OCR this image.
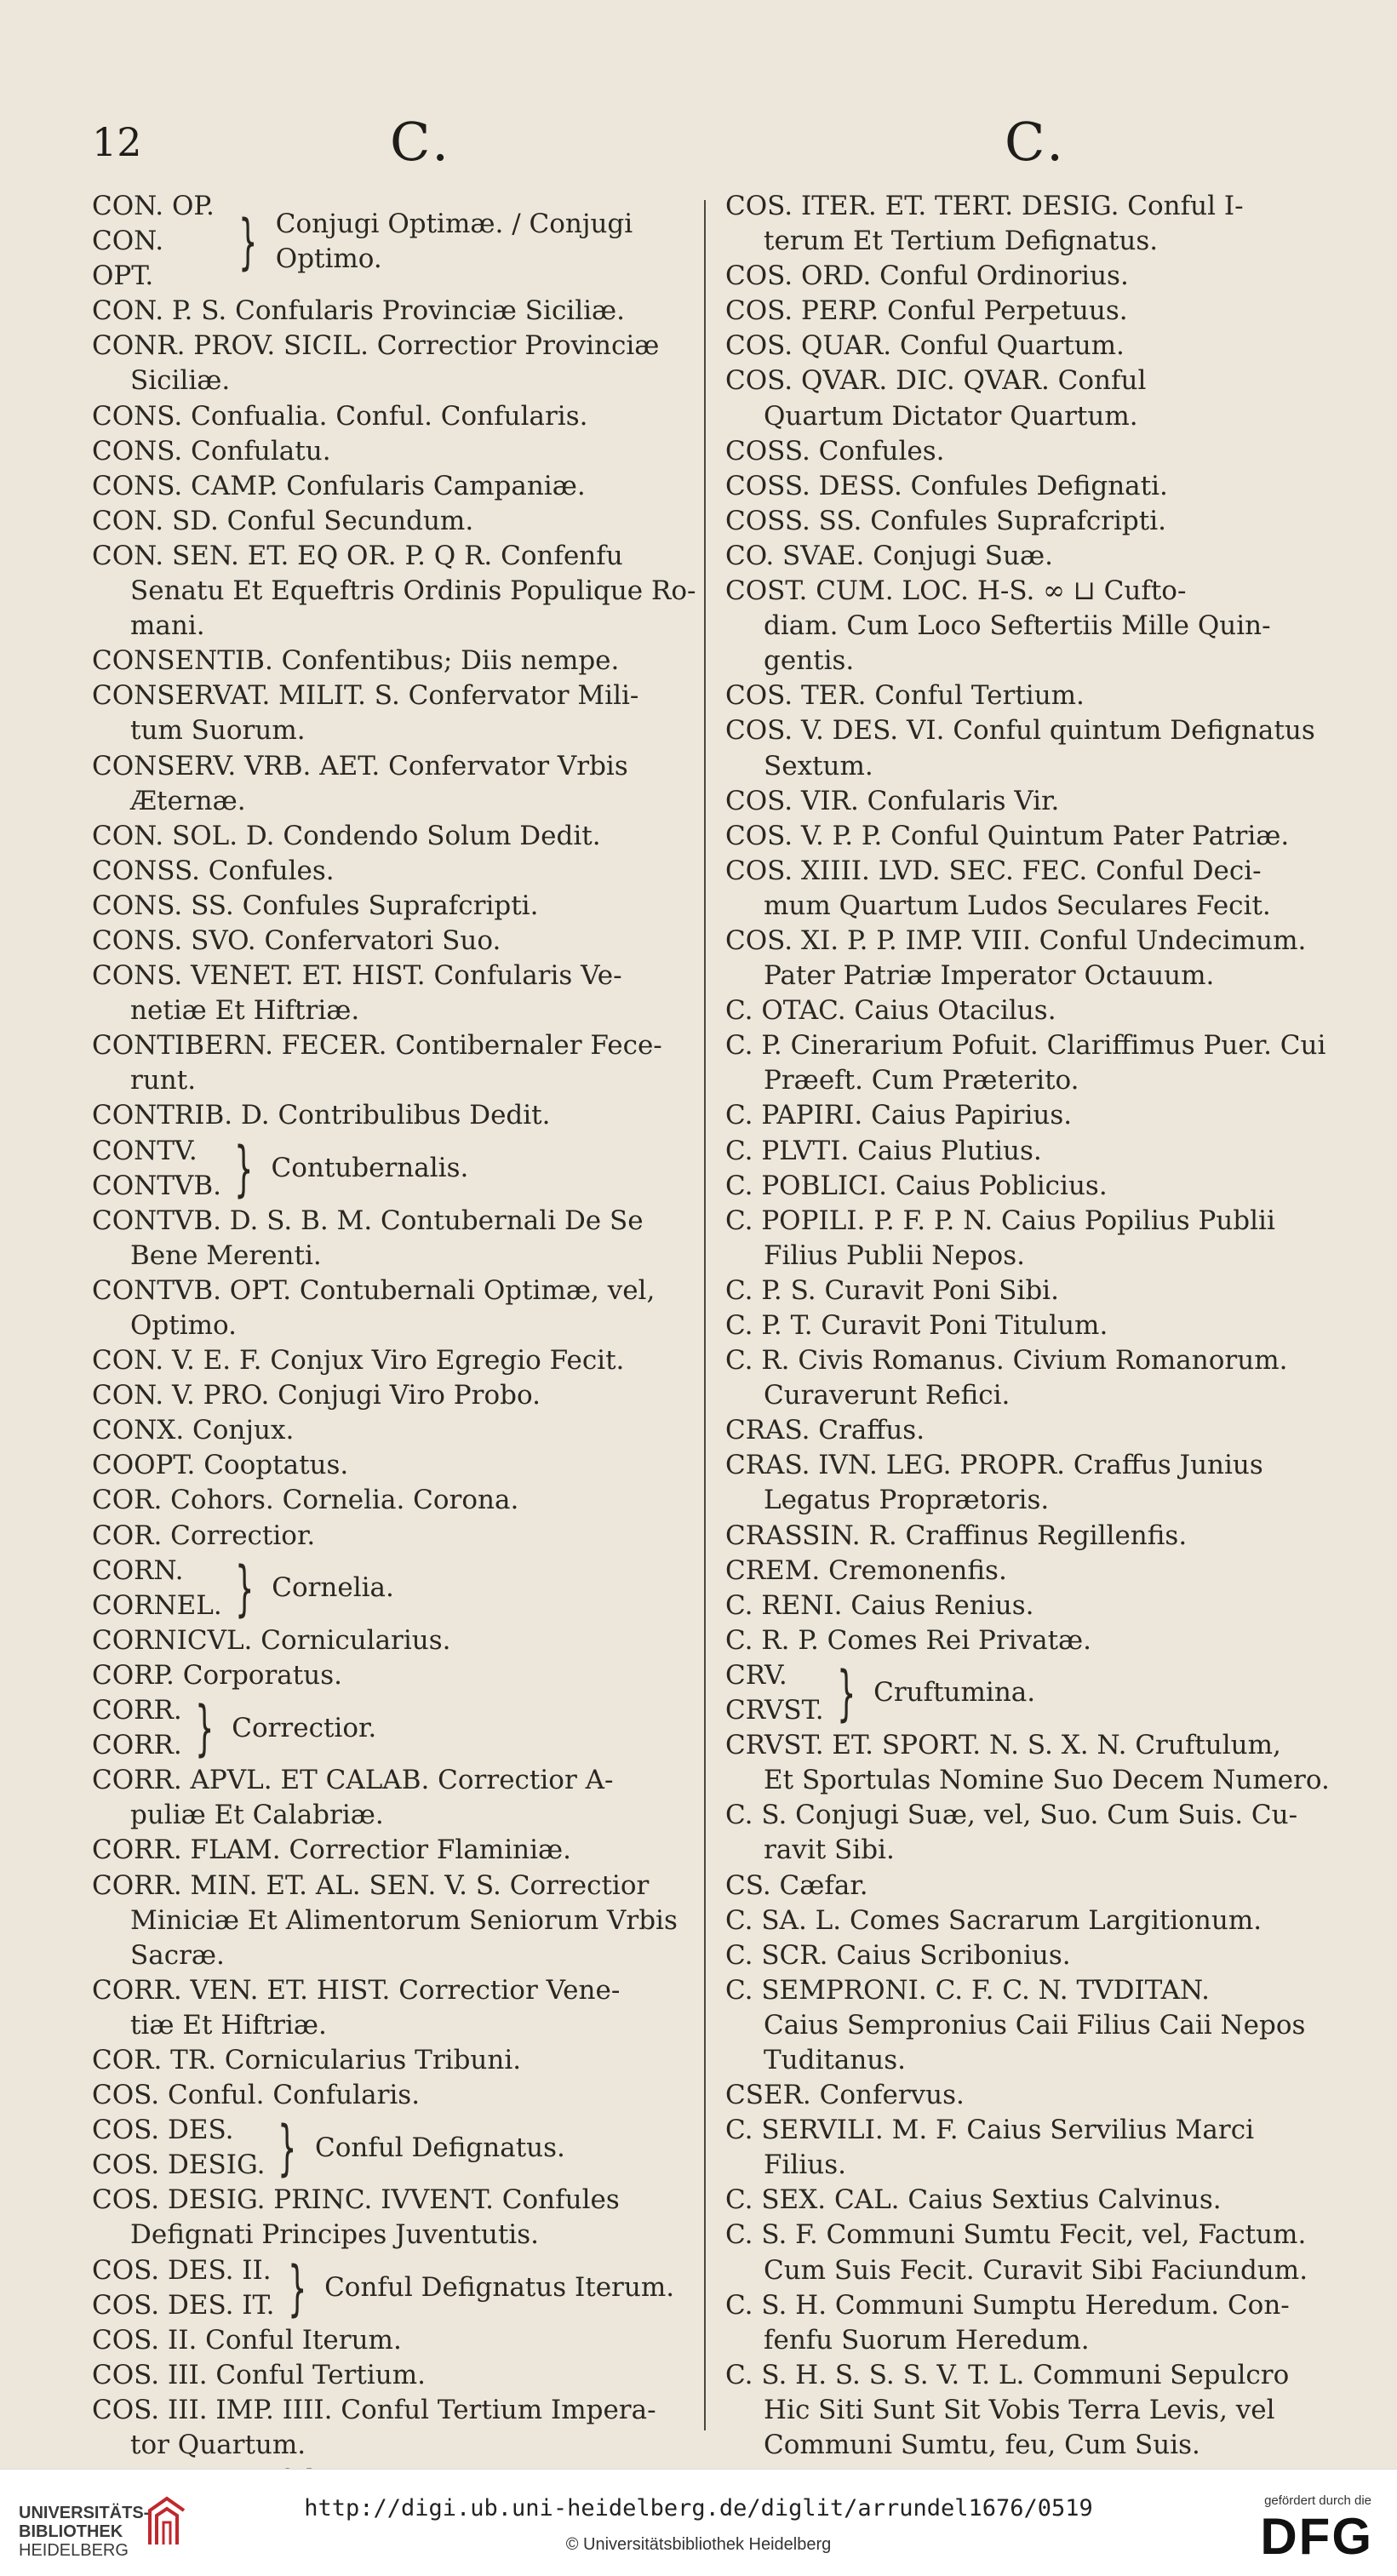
12	C.	C.
CON. OP.
CON. OPT.	} Conjugi Optimæ. / Conjugi Optimo.
CON. P. S. Confularis Provinciæ Siciliæ.
CONR. PROV. SICIL. Correctior Provinciæ
Siciliæ.
CONS. Confualia. Conful. Confularis.
CONS. Confulatu.
CONS. CAMP. Confularis Campaniæ.
CON. SD. Conful Secundum.
CON. SEN. ET. EQ OR. P. Q R. Confenfu
Senatu Et Equeftris Ordinis Populique Ro-
mani.
CONSENTIB. Confentibus; Diis nempe.
CONSERVAT. MILIT. S. Confervator Mili-
tum Suorum.
CONSERV. VRB. AET. Confervator Vrbis
Æternæ.
CON. SOL. D. Condendo Solum Dedit.
CONSS. Confules.
CONS. SS. Confules Suprafcripti.
CONS. SVO. Confervatori Suo.
CONS. VENET. ET. HIST. Confularis Ve-
netiæ Et Hiftriæ.
CONTIBERN. FECER. Contibernaler Fece-
runt.
CONTRIB. D. Contribulibus Dedit.
CONTV.
CONTVB. } Contubernalis.
CONTVB. D. S. B. M. Contubernali De Se
Bene Merenti.
CONTVB. OPT. Contubernali Optimæ, vel,
Optimo.
CON. V. E. F. Conjux Viro Egregio Fecit.
CON. V. PRO. Conjugi Viro Probo.
CONX. Conjux.
COOPT. Cooptatus.
COR. Cohors. Cornelia. Corona.
COR. Correctior.
CORN.
CORNEL. } Cornelia.
CORNICVL. Cornicularius.
CORP. Corporatus.
CORR.
CORR. } Correctior.
CORR. APVL. ET CALAB. Correctior A-
puliæ Et Calabriæ.
CORR. FLAM. Correctior Flaminiæ.
CORR. MIN. ET. AL. SEN. V. S. Correctior
Miniciæ Et Alimentorum Seniorum Vrbis
Sacræ.
CORR. VEN. ET. HIST. Correctior Vene-
tiæ Et Hiftriæ.
COR. TR. Cornicularius Tribuni.
COS. Conful. Confularis.
COS. DES.
COS. DESIG. } Conful Defignatus.
COS. DESIG. PRINC. IVVENT. Confules
Defignati Principes Juventutis.
COS. DES. II.
COS. DES. IT. } Conful Defignatus Iterum.
COS. II. Conful Iterum.
COS. III. Conful Tertium.
COS. III. IMP. IIII. Conful Tertium Impera-
tor Quartum.
COS. ITER. ET. TERT. DESIG. Conful I-
terum Et Tertium Defignatus.
COS. ORD. Conful Ordinorius.
COS. PERP. Conful Perpetuus.
COS. QUAR. Conful Quartum.
COS. QVAR. DIC. QVAR. Conful
Quartum Dictator Quartum.
COSS. Confules.
COSS. DESS. Confules Defignati.
COSS. SS. Confules Suprafcripti.
CO. SVAE. Conjugi Suæ.
COST. CUM. LOC. H-S. ∞ ⊔ Cufto-
diam. Cum Loco Seftertiis Mille Quin-
gentis.
COS. TER. Conful Tertium.
COS. V. DES. VI. Conful quintum Defignatus
Sextum.
COS. VIR. Confularis Vir.
COS. V. P. P. Conful Quintum Pater Patriæ.
COS. XIIII. LVD. SEC. FEC. Conful Deci-
mum Quartum Ludos Seculares Fecit.
COS. XI. P. P. IMP. VIII. Conful Undecimum.
Pater Patriæ Imperator Octauum.
C. OTAC. Caius Otacilus.
C. P. Cinerarium Pofuit. Clariffimus Puer. Cui
Præeft. Cum Præterito.
C. PAPIRI. Caius Papirius.
C. PLVTI. Caius Plutius.
C. POBLICI. Caius Poblicius.
C. POPILI. P. F. P. N. Caius Popilius Publii
Filius Publii Nepos.
C. P. S. Curavit Poni Sibi.
C. P. T. Curavit Poni Titulum.
C. R. Civis Romanus. Civium Romanorum.
Curaverunt Refici.
CRAS. Craffus.
CRAS. IVN. LEG. PROPR. Craffus Junius
Legatus Proprætoris.
CRASSIN. R. Craffinus Regillenfis.
CREM. Cremonenfis.
C. RENI. Caius Renius.
C. R. P. Comes Rei Privatæ.
CRV.
CRVST. } Cruftumina.
CRVST. ET. SPORT. N. S. X. N. Cruftulum,
Et Sportulas Nomine Suo Decem Numero.
C. S. Conjugi Suæ, vel, Suo. Cum Suis. Cu-
ravit Sibi.
CS. Cæfar.
C. SA. L. Comes Sacrarum Largitionum.
C. SCR. Caius Scribonius.
C. SEMPRONI. C. F. C. N. TVDITAN.
Caius Sempronius Caii Filius Caii Nepos
Tuditanus.
CSER. Confervus.
C. SERVILI. M. F. Caius Servilius Marci
Filius.
C. SEX. CAL. Caius Sextius Calvinus.
C. S. F. Communi Sumtu Fecit, vel, Factum.
Cum Suis Fecit. Curavit Sibi Faciundum.
C. S. H. Communi Sumptu Heredum. Con-
fenfu Suorum Heredum.
C. S. H. S. S. S. V. T. L. Communi Sepulcro
Hic Siti Sunt Sit Vobis Terra Levis, vel
Communi Sumtu, feu, Cum Suis.
UNIVERSITÄTS-
BIBLIOTHEK
HEIDELBERG
http://digi.ub.uni-heidelberg.de/diglit/arrundel1676/0519
© Universitätsbibliothek Heidelberg
gefördert durch die
DFG
